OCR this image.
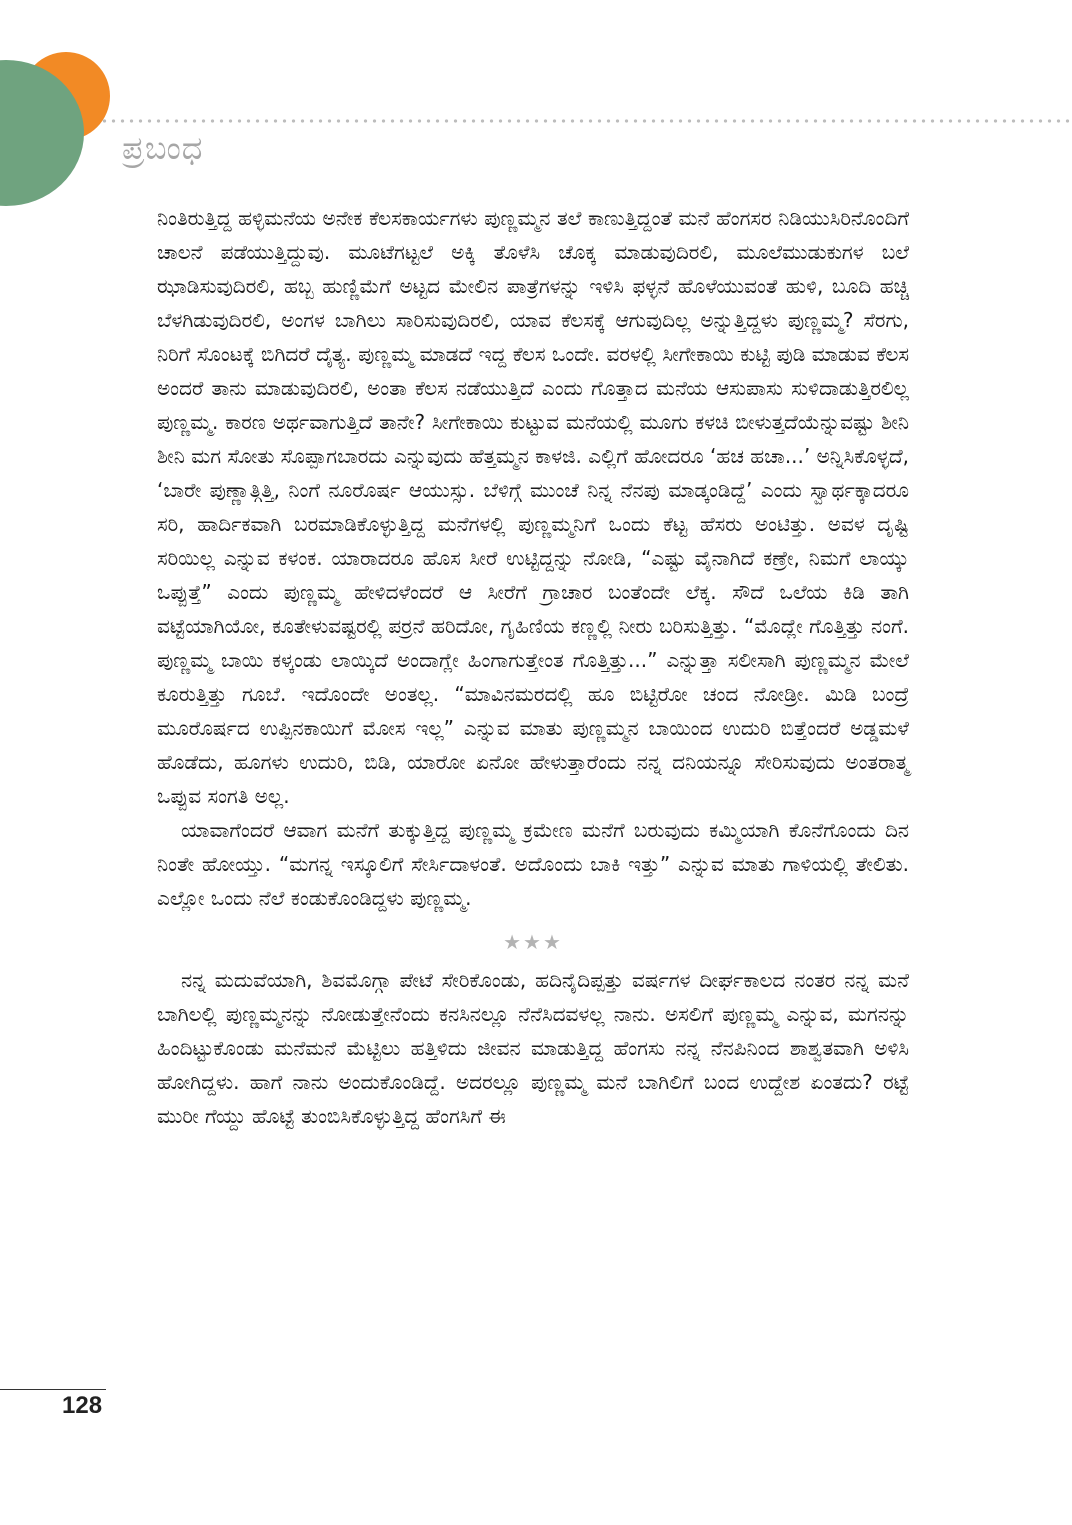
ಪ್ರಬಂಧ

ನಿಂತಿರುತ್ತಿದ್ದ ಹಳ್ಳಿಮನೆಯ ಅನೇಕ ಕೆಲಸಕಾರ್ಯಗಳು ಪುಣ್ಣಮ್ಮನ ತಲೆ ಕಾಣುತ್ತಿದ್ದಂತೆ ಮನೆ ಹೆಂಗಸರ ನಿಡಿಯುಸಿರಿನೊಂದಿಗೆ ಚಾಲನೆ ಪಡೆಯುತ್ತಿದ್ದುವು. ಮೂಟೆಗಟ್ಟಲೆ ಅಕ್ಕಿ ತೊಳೆಸಿ ಚೊಕ್ಕ ಮಾಡುವುದಿರಲಿ, ಮೂಲೆಮುಡುಕುಗಳ ಬಲೆ ಝಾಡಿಸುವುದಿರಲಿ, ಹಬ್ಬ ಹುಣ್ಣಿಮೆಗೆ ಅಟ್ಟದ ಮೇಲಿನ ಪಾತ್ರೆಗಳನ್ನು ಇಳಿಸಿ ಫಳ್ಳನೆ ಹೊಳೆಯುವಂತೆ ಹುಳಿ, ಬೂದಿ ಹಚ್ಚಿ ಬೆಳಗಿಡುವುದಿರಲಿ, ಅಂಗಳ ಬಾಗಿಲು ಸಾರಿಸುವುದಿರಲಿ, ಯಾವ ಕೆಲಸಕ್ಕೆ ಆಗುವುದಿಲ್ಲ ಅನ್ನುತ್ತಿದ್ದಳು ಪುಣ್ಣಮ್ಮ? ಸೆರಗು, ನಿರಿಗೆ ಸೊಂಟಕ್ಕೆ ಬಿಗಿದರೆ ದೈತ್ಯ. ಪುಣ್ಣಮ್ಮ ಮಾಡದೆ ಇದ್ದ ಕೆಲಸ ಒಂದೇ. ವರಳಲ್ಲಿ ಸೀಗೇಕಾಯಿ ಕುಟ್ಟಿ ಪುಡಿ ಮಾಡುವ ಕೆಲಸ ಅಂದರೆ ತಾನು ಮಾಡುವುದಿರಲಿ, ಅಂತಾ ಕೆಲಸ ನಡೆಯುತ್ತಿದೆ ಎಂದು ಗೊತ್ತಾದ ಮನೆಯ ಆಸುಪಾಸು ಸುಳಿದಾಡುತ್ತಿರಲಿಲ್ಲ ಪುಣ್ಣಮ್ಮ. ಕಾರಣ ಅರ್ಥವಾಗುತ್ತಿದೆ ತಾನೇ? ಸೀಗೇಕಾಯಿ ಕುಟ್ಟುವ ಮನೆಯಲ್ಲಿ ಮೂಗು ಕಳಚಿ ಬೀಳುತ್ತದೆಯೆನ್ನುವಷ್ಟು ಶೀನಿ ಶೀನಿ ಮಗ ಸೋತು ಸೊಪ್ಪಾಗಬಾರದು ಎನ್ನುವುದು ಹೆತ್ತಮ್ಮನ ಕಾಳಜಿ. ಎಲ್ಲಿಗೆ ಹೋದರೂ ‘ಹಚ ಹಚಾ...’ ಅನ್ನಿಸಿಕೊಳ್ಳದೆ, ‘ಬಾರೇ ಪುಣ್ಣಾತ್ಗಿತ್ತಿ, ನಿಂಗೆ ನೂರೊರ್ಷ ಆಯುಸ್ಸು. ಬೆಳಿಗ್ಗೆ ಮುಂಚೆ ನಿನ್ನ ನೆನಪು ಮಾಡ್ಕಂಡಿದ್ದೆ’ ಎಂದು ಸ್ವಾರ್ಥಕ್ಕಾದರೂ ಸರಿ, ಹಾರ್ದಿಕವಾಗಿ ಬರಮಾಡಿಕೊಳ್ಳುತ್ತಿದ್ದ ಮನೆಗಳಲ್ಲಿ ಪುಣ್ಣಮ್ಮನಿಗೆ ಒಂದು ಕೆಟ್ಟ ಹೆಸರು ಅಂಟಿತ್ತು. ಅವಳ ದೃಷ್ಟಿ ಸರಿಯಿಲ್ಲ ಎನ್ನುವ ಕಳಂಕ. ಯಾರಾದರೂ ಹೊಸ ಸೀರೆ ಉಟ್ಟಿದ್ದನ್ನು ನೋಡಿ, “ಎಷ್ಟು ವೈನಾಗಿದೆ ಕಣ್ರೇ, ನಿಮಗೆ ಲಾಯ್ಕು ಒಪ್ಪುತ್ತೆ” ಎಂದು ಪುಣ್ಣಮ್ಮ ಹೇಳಿದಳೆಂದರೆ ಆ ಸೀರೆಗೆ ಗ್ರಾಚಾರ ಬಂತೆಂದೇ ಲೆಕ್ಕ. ಸೌದೆ ಒಲೆಯ ಕಿಡಿ ತಾಗಿ ವಟ್ಟೆಯಾಗಿಯೋ, ಕೂತೇಳುವಷ್ಟರಲ್ಲಿ ಪರ್ರನೆ ಹರಿದೋ, ಗೃಹಿಣಿಯ ಕಣ್ಣಲ್ಲಿ ನೀರು ಬರಿಸುತ್ತಿತ್ತು. “ಮೊದ್ಲೇ ಗೊತ್ತಿತ್ತು ನಂಗೆ. ಪುಣ್ಣಮ್ಮ ಬಾಯಿ ಕಳ್ಕಂಡು ಲಾಯ್ಕಿದೆ ಅಂದಾಗ್ಲೇ ಹಿಂಗಾಗುತ್ತೇಂತ ಗೊತ್ತಿತ್ತು...” ಎನ್ನುತ್ತಾ ಸಲೀಸಾಗಿ ಪುಣ್ಣಮ್ಮನ ಮೇಲೆ ಕೂರುತ್ತಿತ್ತು ಗೂಬೆ. ಇದೊಂದೇ ಅಂತಲ್ಲ. “ಮಾವಿನಮರದಲ್ಲಿ ಹೂ ಬಿಟ್ಟಿರೋ ಚಂದ ನೋಡ್ರೀ. ಮಿಡಿ ಬಂದ್ರೆ ಮೂರೊರ್ಷದ ಉಪ್ಪಿನಕಾಯಿಗೆ ಮೋಸ ಇಲ್ಲ” ಎನ್ನುವ ಮಾತು ಪುಣ್ಣಮ್ಮನ ಬಾಯಿಂದ ಉದುರಿ ಬಿತ್ತೆಂದರೆ ಅಡ್ಡಮಳೆ ಹೊಡೆದು, ಹೂಗಳು ಉದುರಿ, ಬಿಡಿ, ಯಾರೋ ಏನೋ ಹೇಳುತ್ತಾರೆಂದು ನನ್ನ ದನಿಯನ್ನೂ ಸೇರಿಸುವುದು ಅಂತರಾತ್ಮ ಒಪ್ಪುವ ಸಂಗತಿ ಅಲ್ಲ.

ಯಾವಾಗೆಂದರೆ ಆವಾಗ ಮನೆಗೆ ತುಕ್ಕುತ್ತಿದ್ದ ಪುಣ್ಣಮ್ಮ ಕ್ರಮೇಣ ಮನೆಗೆ ಬರುವುದು ಕಮ್ಮಿಯಾಗಿ ಕೊನೆಗೊಂದು ದಿನ ನಿಂತೇ ಹೋಯ್ತು. “ಮಗನ್ನ ಇಸ್ಕೂಲಿಗೆ ಸೇರ್ಸಿದಾಳಂತೆ. ಅದೊಂದು ಬಾಕಿ ಇತ್ತು” ಎನ್ನುವ ಮಾತು ಗಾಳಿಯಲ್ಲಿ ತೇಲಿತು. ಎಲ್ಲೋ ಒಂದು ನೆಲೆ ಕಂಡುಕೊಂಡಿದ್ದಳು ಪುಣ್ಣಮ್ಮ.

★★★

ನನ್ನ ಮದುವೆಯಾಗಿ, ಶಿವಮೊಗ್ಗಾ ಪೇಟೆ ಸೇರಿಕೊಂಡು, ಹದಿನೈದಿಪ್ಪತ್ತು ವರ್ಷಗಳ ದೀರ್ಘಕಾಲದ ನಂತರ ನನ್ನ ಮನೆ ಬಾಗಿಲಲ್ಲಿ ಪುಣ್ಣಮ್ಮನನ್ನು ನೋಡುತ್ತೇನೆಂದು ಕನಸಿನಲ್ಲೂ ನೆನೆಸಿದವಳಲ್ಲ ನಾನು. ಅಸಲಿಗೆ ಪುಣ್ಣಮ್ಮ ಎನ್ನುವ, ಮಗನನ್ನು ಹಿಂದಿಟ್ಟುಕೊಂಡು ಮನೆಮನೆ ಮೆಟ್ಟಿಲು ಹತ್ತಿಳಿದು ಜೀವನ ಮಾಡುತ್ತಿದ್ದ ಹೆಂಗಸು ನನ್ನ ನೆನಪಿನಿಂದ ಶಾಶ್ವತವಾಗಿ ಅಳಿಸಿ ಹೋಗಿದ್ದಳು. ಹಾಗೆ ನಾನು ಅಂದುಕೊಂಡಿದ್ದೆ. ಅದರಲ್ಲೂ ಪುಣ್ಣಮ್ಮ ಮನೆ ಬಾಗಿಲಿಗೆ ಬಂದ ಉದ್ದೇಶ ಏಂತದು? ರಟ್ಟೆ ಮುರೀ ಗೆಯ್ದು ಹೊಟ್ಟೆ ತುಂಬಿಸಿಕೊಳ್ಳುತ್ತಿದ್ದ ಹೆಂಗಸಿಗೆ ಈ

128
